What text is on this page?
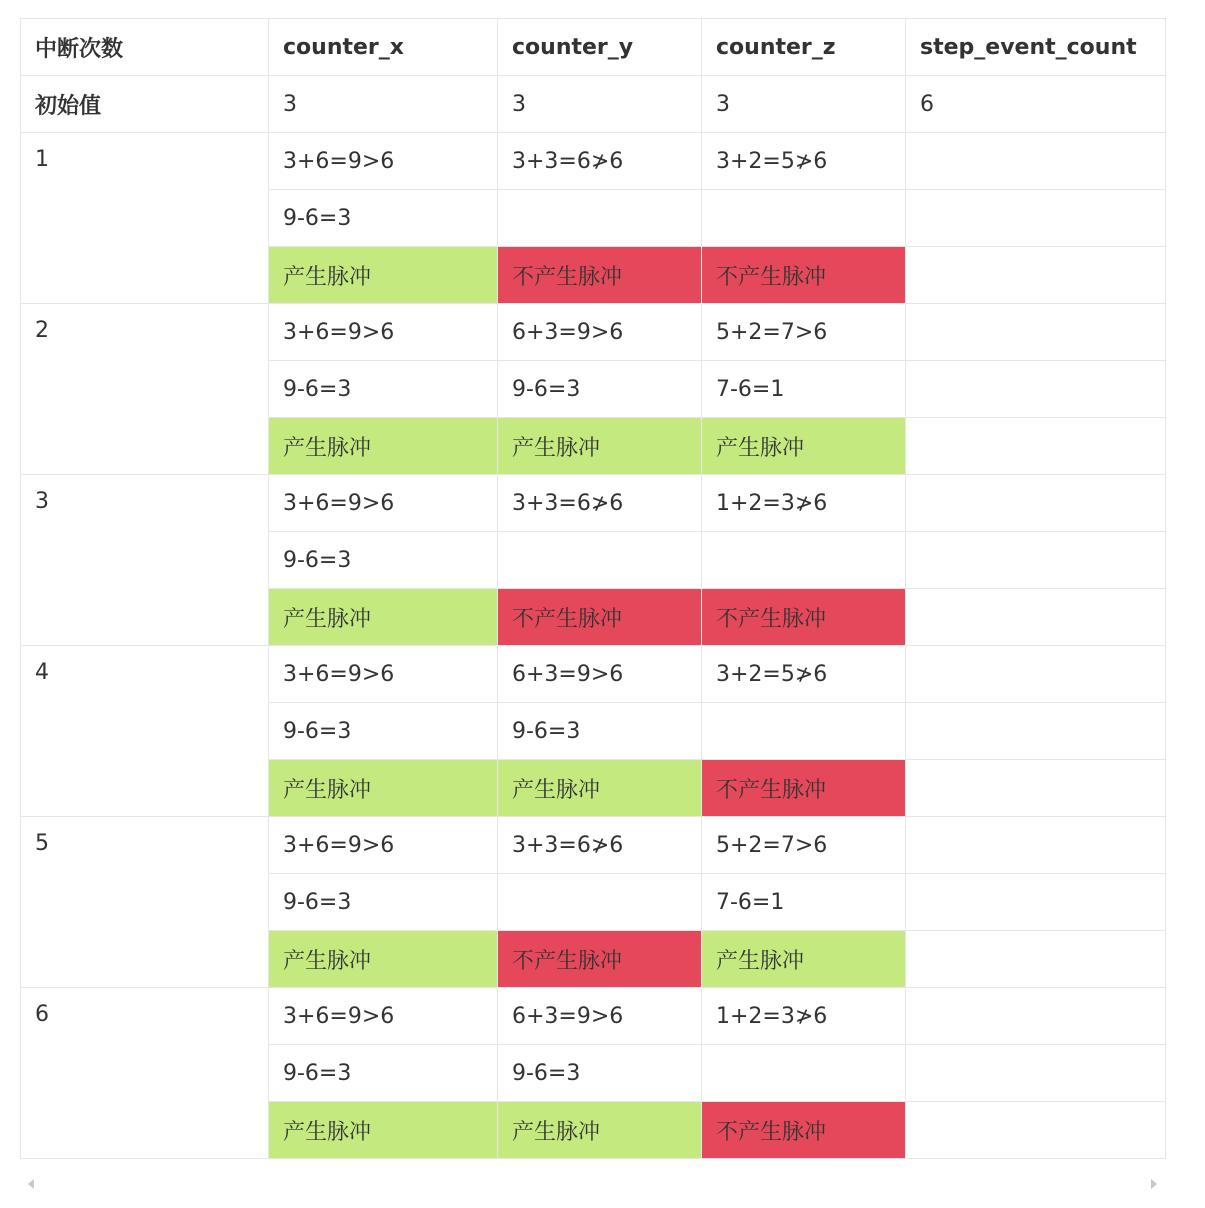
中断次数	counter_x	counter_y	counter_z	step_event_count
初始值	3	3	3	6
1	3+6=9>6	3+3=6≯6	3+2=5≯6	
	9-6=3			
	产生脉冲	不产生脉冲	不产生脉冲	
2	3+6=9>6	6+3=9>6	5+2=7>6	
	9-6=3	9-6=3	7-6=1	
	产生脉冲	产生脉冲	产生脉冲	
3	3+6=9>6	3+3=6≯6	1+2=3≯6	
	9-6=3			
	产生脉冲	不产生脉冲	不产生脉冲	
4	3+6=9>6	6+3=9>6	3+2=5≯6	
	9-6=3	9-6=3		
	产生脉冲	产生脉冲	不产生脉冲	
5	3+6=9>6	3+3=6≯6	5+2=7>6	
	9-6=3		7-6=1	
	产生脉冲	不产生脉冲	产生脉冲	
6	3+6=9>6	6+3=9>6	1+2=3≯6	
	9-6=3	9-6=3		
	产生脉冲	产生脉冲	不产生脉冲	
